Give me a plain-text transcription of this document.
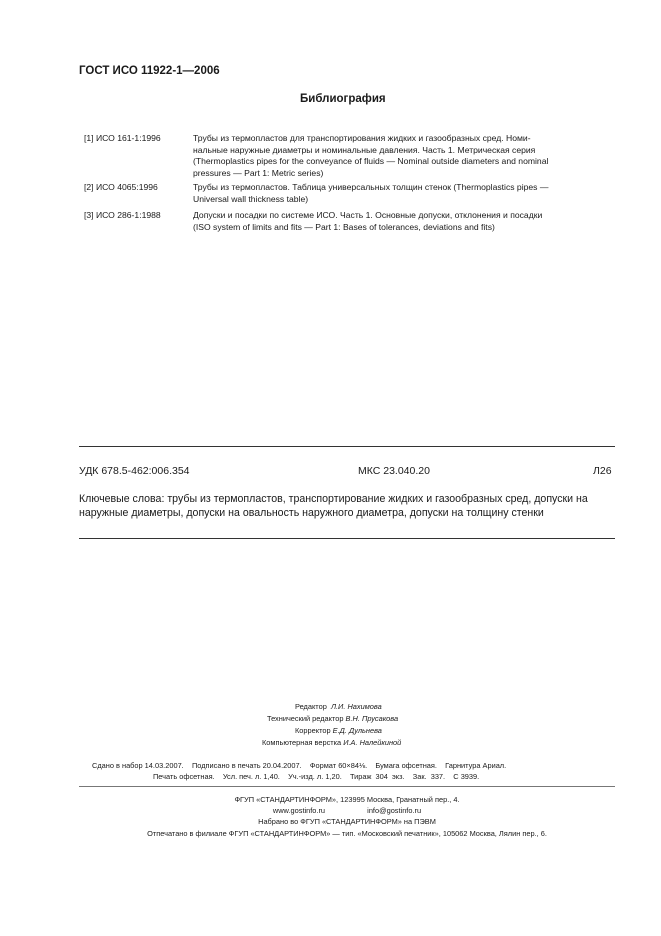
ГОСТ ИСО 11922-1—2006
Библиография
[1] ИСО 161-1:1996	Трубы из термопластов для транспортирования жидких и газообразных сред. Номи-
нальные наружные диаметры и номинальные давления. Часть 1. Метрическая серия
(Thermoplastics pipes for the conveyance of fluids — Nominal outside diameters and nominal
pressures — Part 1: Metric series)
[2] ИСО 4065:1996	Трубы из термопластов. Таблица универсальных толщин стенок (Thermoplastics pipes —
Universal wall thickness table)
[3] ИСО 286-1:1988	Допуски и посадки по системе ИСО. Часть 1. Основные допуски, отклонения и посадки
(ISO system of limits and fits — Part 1: Bases of tolerances, deviations and fits)
УДК 678.5-462:006.354	МКС 23.040.20	Л26
Ключевые слова: трубы из термопластов, транспортирование жидких и газообразных сред, допуски на
наружные диаметры, допуски на овальность наружного диаметра, допуски на толщину стенки
Редактор Л.И. Нахимова
Технический редактор В.Н. Прусакова
Корректор Е.Д. Дульнева
Компьютерная верстка И.А. Налейкиной
Сдано в набор 14.03.2007.    Подписано в печать 20.04.2007.    Формат 60×84⅛.    Бумага офсетная.    Гарнитура Ариал.
Печать офсетная.    Усл. печ. л. 1,40.    Уч.-изд. л. 1,20.    Тираж  304  экз.    Зак.  337.    С 3939.
ФГУП «СТАНДАРТИНФОРМ», 123995 Москва, Гранатный пер., 4.
www.gostinfo.ru	info@gostinfo.ru
Набрано во ФГУП «СТАНДАРТИНФОРМ» на ПЭВМ
Отпечатано в филиале ФГУП «СТАНДАРТИНФОРМ» — тип. «Московский печатник», 105062 Москва, Лялин пер., 6.
